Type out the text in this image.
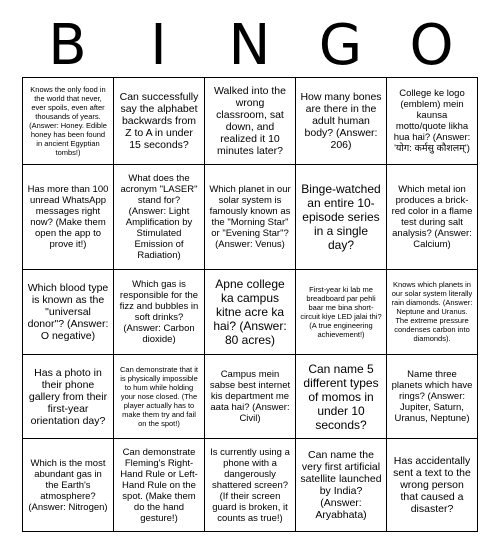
B	I	N G O
Knows the only food in the world that never, ever spoils, even after thousands of years. (Answer: Honey. Edible honey has been found in ancient Egyptian tombs!)	Can successfully say the alphabet backwards from Z to A in under 15 seconds?	Walked into the wrong classroom, sat down, and realized it 10 minutes later?	How many bones are there in the adult human body? (Answer: 206)	College ke logo (emblem) mein kaunsa motto/quote likha hua hai? (Answer: 'योग: कर्मसु कौशलम्')
Has more than 100 unread WhatsApp messages right now? (Make them open the app to prove it!)	What does the acronym "LASER" stand for? (Answer: Light Amplification by Stimulated Emission of Radiation)	Which planet in our solar system is famously known as the "Morning Star" or "Evening Star"? (Answer: Venus)	Binge-watched an entire 10-episode series in a single day?	Which metal ion produces a brick-red color in a flame test during salt analysis? (Answer: Calcium)
Which blood type is known as the "universal donor"? (Answer: O negative)	Which gas is responsible for the fizz and bubbles in soft drinks? (Answer: Carbon dioxide)	Apne college ka campus kitne acre ka hai? (Answer: 80 acres)	First-year ki lab me breadboard par pehli baar me bina short-circuit kiye LED jalai thi? (A true engineering achievement!)	Knows which planets in our solar system literally rain diamonds. (Answer: Neptune and Uranus. The extreme pressure condenses carbon into diamonds).
Has a photo in their phone gallery from their first-year orientation day?	Can demonstrate that it is physically impossible to hum while holding your nose closed. (The player actually has to make them try and fail on the spot!)	Campus mein sabse best internet kis department me aata hai? (Answer: Civil)	Can name 5 different types of momos in under 10 seconds?	Name three planets which have rings? (Answer: Jupiter, Saturn, Uranus, Neptune)
Which is the most abundant gas in the Earth's atmosphere? (Answer: Nitrogen)	Can demonstrate Fleming's Right-Hand Rule or Left-Hand Rule on the spot. (Make them do the hand gesture!)	Is currently using a phone with a dangerously shattered screen? (If their screen guard is broken, it counts as true!)	Can name the very first artificial satellite launched by India? (Answer: Aryabhata)	Has accidentally sent a text to the wrong person that caused a disaster?
